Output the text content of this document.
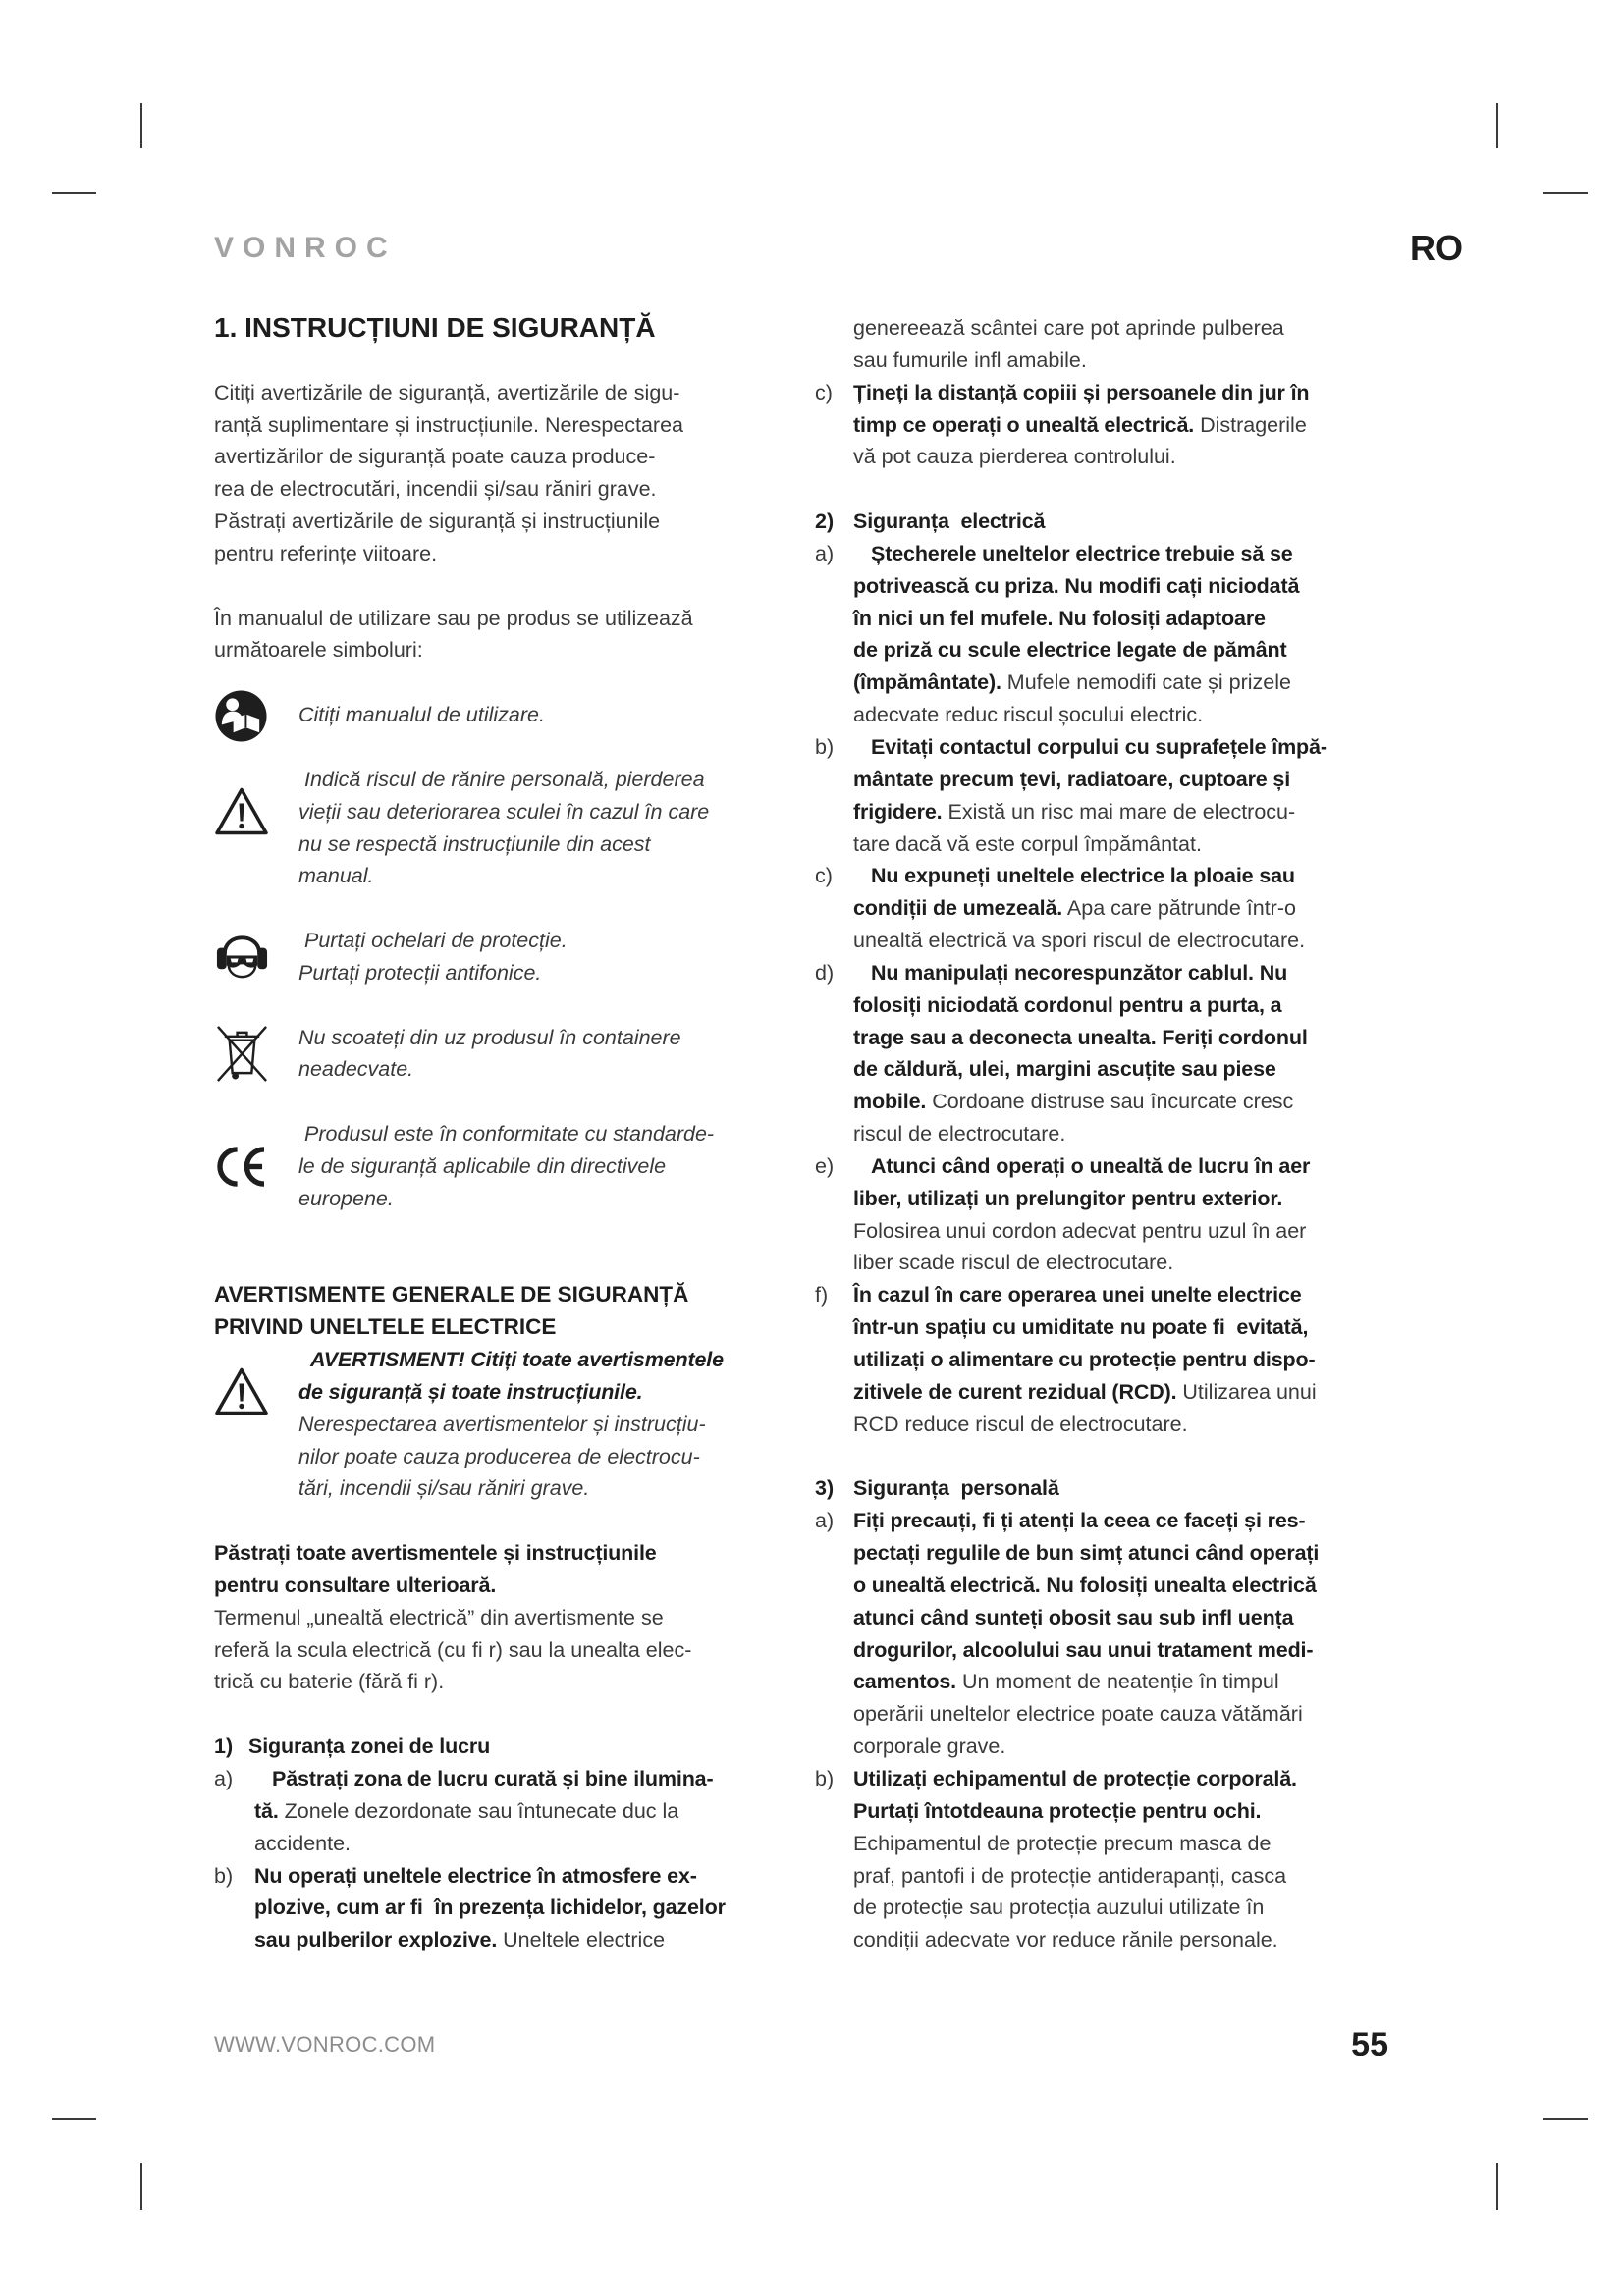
VONROC	RO
1. INSTRUCȚIUNI DE SIGURANȚĂ
Citiți avertizările de siguranță, avertizările de sigu-
ranță suplimentare și instrucțiunile. Nerespectarea
avertizărilor de siguranță poate cauza produce-
rea de electrocutări, incendii și/sau răniri grave.
Păstrați avertizările de siguranță și instrucțiunile
pentru referințe viitoare.
În manualul de utilizare sau pe produs se utilizează
următoarele simboluri:
Citiți manualul de utilizare.
Indică riscul de rănire personală, pierderea
vieții sau deteriorarea sculei în cazul în care
nu se respectă instrucțiunile din acest
manual.
Purtați ochelari de protecție.
Purtați protecții antifonice.
Nu scoateți din uz produsul în containere
neadecvate.
Produsul este în conformitate cu standarde-
le de siguranță aplicabile din directivele
europene.
AVERTISMENTE GENERALE DE SIGURANȚĂ
PRIVIND UNELTELE ELECTRICE
AVERTISMENT! Citiți toate avertismentele
de siguranță și toate instrucțiunile.
Nerespectarea avertismentelor și instrucțiu-
nilor poate cauza producerea de electrocu-
tări, incendii și/sau răniri grave.
Păstrați toate avertismentele și instrucțiunile
pentru consultare ulterioară.
Termenul „unealtă electrică” din avertismente se
referă la scula electrică (cu fi r) sau la unealta elec-
trică cu baterie (fără fi r).
1) Siguranța zonei de lucru
a)	Păstrați zona de lucru curată și bine ilumina-
tă. Zonele dezordonate sau întunecate duc la
accidente.
b) Nu operați uneltele electrice în atmosfere ex-
plozive, cum ar fi  în prezența lichidelor, gazelor
sau pulberilor explozive. Uneltele electrice
genereează scântei care pot aprinde pulberea
sau fumurile infl amabile.
c) Țineți la distanță copiii și persoanele din jur în
timp ce operați o unealtă electrică. Distragerile
vă pot cauza pierderea controlului.
2) Siguranța  electrică
a)	Ștecherele uneltelor electrice trebuie să se
potrivească cu priza. Nu modifi cați niciodată
în nici un fel mufele. Nu folosiți adaptoare
de priză cu scule electrice legate de pământ
(împământate). Mufele nemodifi cate și prizele
adecvate reduc riscul șocului electric.
b)	Evitați contactul corpului cu suprafețele împă-
mântate precum țevi, radiatoare, cuptoare și
frigidere. Există un risc mai mare de electrocu-
tare dacă vă este corpul împământat.
c)	Nu expuneți uneltele electrice la ploaie sau
condiții de umezeală. Apa care pătrunde într-o
unealtă electrică va spori riscul de electrocutare.
d)	Nu manipulați necorespunzător cablul. Nu
folosiți niciodată cordonul pentru a purta, a
trage sau a deconecta unealta. Feriți cordonul
de căldură, ulei, margini ascuțite sau piese
mobile. Cordoane distruse sau încurcate cresc
riscul de electrocutare.
e)	Atunci când operați o unealtă de lucru în aer
liber, utilizați un prelungitor pentru exterior.
Folosirea unui cordon adecvat pentru uzul în aer
liber scade riscul de electrocutare.
f) În cazul în care operarea unei unelte electrice
într-un spațiu cu umiditate nu poate fi  evitată,
utilizați o alimentare cu protecție pentru dispo-
zitivele de curent rezidual (RCD). Utilizarea unui
RCD reduce riscul de electrocutare.
3) Siguranța  personală
a) Fiți precauți, fi ți atenți la ceea ce faceți și res-
pectați regulile de bun simț atunci când operați
o unealtă electrică. Nu folosiți unealta electrică
atunci când sunteți obosit sau sub infl uența
drogurilor, alcoolului sau unui tratament medi-
camentos. Un moment de neatenție în timpul
operării uneltelor electrice poate cauza vătămări
corporale grave.
b) Utilizați echipamentul de protecție corporală.
Purtați întotdeauna protecție pentru ochi.
Echipamentul de protecție precum masca de
praf, pantofi i de protecție antiderapanți, casca
de protecție sau protecția auzului utilizate în
condiții adecvate vor reduce rănile personale.
WWW.VONROC.COM	55
